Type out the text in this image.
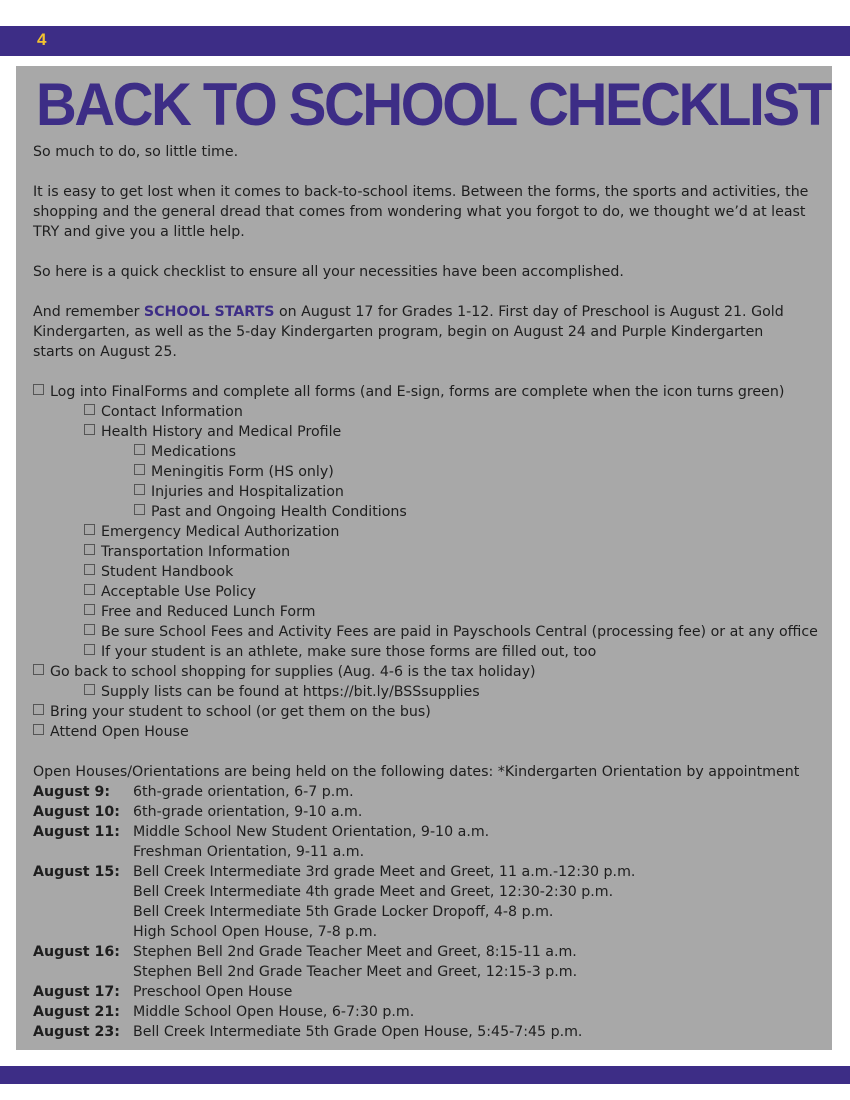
4
BACK TO SCHOOL CHECKLIST
So much to do, so little time.
It is easy to get lost when it comes to back-to-school items. Between the forms, the sports and activities, the
shopping and the general dread that comes from wondering what you forgot to do, we thought we’d at least
TRY and give you a little help.
So here is a quick checklist to ensure all your necessities have been accomplished.
And remember SCHOOL STARTS on August 17 for Grades 1-12. First day of Preschool is August 21. Gold
Kindergarten, as well as the 5-day Kindergarten program, begin on August 24 and Purple Kindergarten
starts on August 25.
Log into FinalForms and complete all forms (and E-sign, forms are complete when the icon turns green)
Contact Information
Health History and Medical Profile
Medications
Meningitis Form (HS only)
Injuries and Hospitalization
Past and Ongoing Health Conditions
Emergency Medical Authorization
Transportation Information
Student Handbook
Acceptable Use Policy
Free and Reduced Lunch Form
Be sure School Fees and Activity Fees are paid in Payschools Central (processing fee) or at any office
If your student is an athlete, make sure those forms are filled out, too
Go back to school shopping for supplies (Aug. 4-6 is the tax holiday)
Supply lists can be found at https://bit.ly/BSSsupplies
Bring your student to school (or get them on the bus)
Attend Open House
Open Houses/Orientations are being held on the following dates: *Kindergarten Orientation by appointment
August 9:	6th-grade orientation, 6-7 p.m.
August 10: 6th-grade orientation, 9-10 a.m.
August 11: Middle School New Student Orientation, 9-10 a.m.
Freshman Orientation, 9-11 a.m.
August 15: Bell Creek Intermediate 3rd grade Meet and Greet, 11 a.m.-12:30 p.m.
Bell Creek Intermediate 4th grade Meet and Greet, 12:30-2:30 p.m.
Bell Creek Intermediate 5th Grade Locker Dropoff, 4-8 p.m.
High School Open House, 7-8 p.m.
August 16: Stephen Bell 2nd Grade Teacher Meet and Greet, 8:15-11 a.m.
Stephen Bell 2nd Grade Teacher Meet and Greet, 12:15-3 p.m.
August 17: Preschool Open House
August 21: Middle School Open House, 6-7:30 p.m.
August 23: Bell Creek Intermediate 5th Grade Open House, 5:45-7:45 p.m.
